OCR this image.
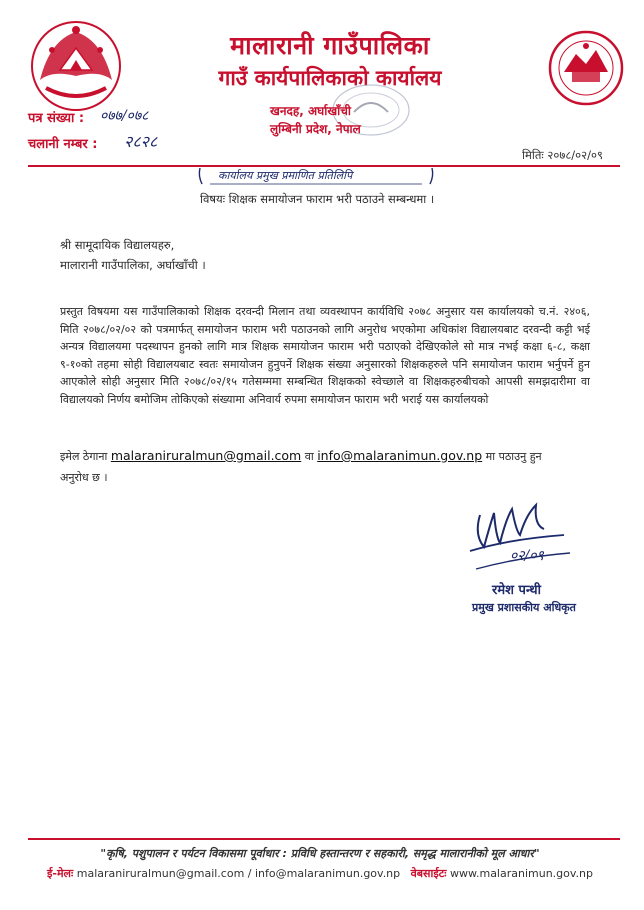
मालारानी गाउँपालिका
गाउँ कार्यपालिकाको कार्यालय
खनदह, अर्घाखाँची
लुम्बिनी प्रदेश, नेपाल
पत्र संख्या : ०७७/०७८
चलानी नम्बर : २८२८
मितिः २०७८/०२/०९
कार्यालय प्रमुख प्रमाणित प्रतिलिपि
विषयः शिक्षक समायोजन फाराम भरी पठाउने सम्बन्धमा ।
श्री सामूदायिक विद्यालयहरु,
मालारानी गाउँपालिका, अर्घाखाँची ।
प्रस्तुत विषयमा यस गाउँपालिकाको शिक्षक दरवन्दी मिलान तथा व्यवस्थापन कार्यविधि २०७८ अनुसार यस कार्यालयको च.नं. २४०६, मिति २०७८/०२/०२ को पत्रमार्फत् समायोजन फाराम भरी पठाउनको लागि अनुरोध भएकोमा अधिकांश विद्यालयबाट दरवन्दी कट्टी भई अन्यत्र विद्यालयमा पदस्थापन हुनको लागि मात्र शिक्षक समायोजन फाराम भरी पठाएको देखिएकोले सो मात्र नभई कक्षा ६-८, कक्षा ९-१०को तहमा सोही विद्यालयबाट स्वतः समायोजन हुनुपर्ने शिक्षक संख्या अनुसारको शिक्षकहरुले पनि समायोजन फाराम भर्नुपर्ने हुन आएकोले सोही अनुसार मिति २०७८/०२/१५ गतेसम्ममा सम्बन्धित शिक्षकको स्वेच्छाले वा शिक्षकहरुबीचको आपसी समझदारीमा वा विद्यालयको निर्णय बमोजिम तोकिएको संख्यामा अनिवार्य रुपमा समायोजन फाराम भरी भराई यस कार्यालयको
इमेल ठेगाना malaraniruralmun@gmail.com वा info@malaranimun.gov.np मा पठाउनु हुन
अनुरोध छ ।
०२/०९
रमेश पन्थी
प्रमुख प्रशासकीय अधिकृत
"कृषि, पशुपालन र पर्यटन विकासमा पूर्वाधार : प्रविधि हस्तान्तरण र सहकारी, समृद्ध मालारानीको मूल आधार"
ई-मेलः malaraniruralmun@gmail.com / info@malaranimun.gov.np वेबसाईटः www.malaranimun.gov.np
